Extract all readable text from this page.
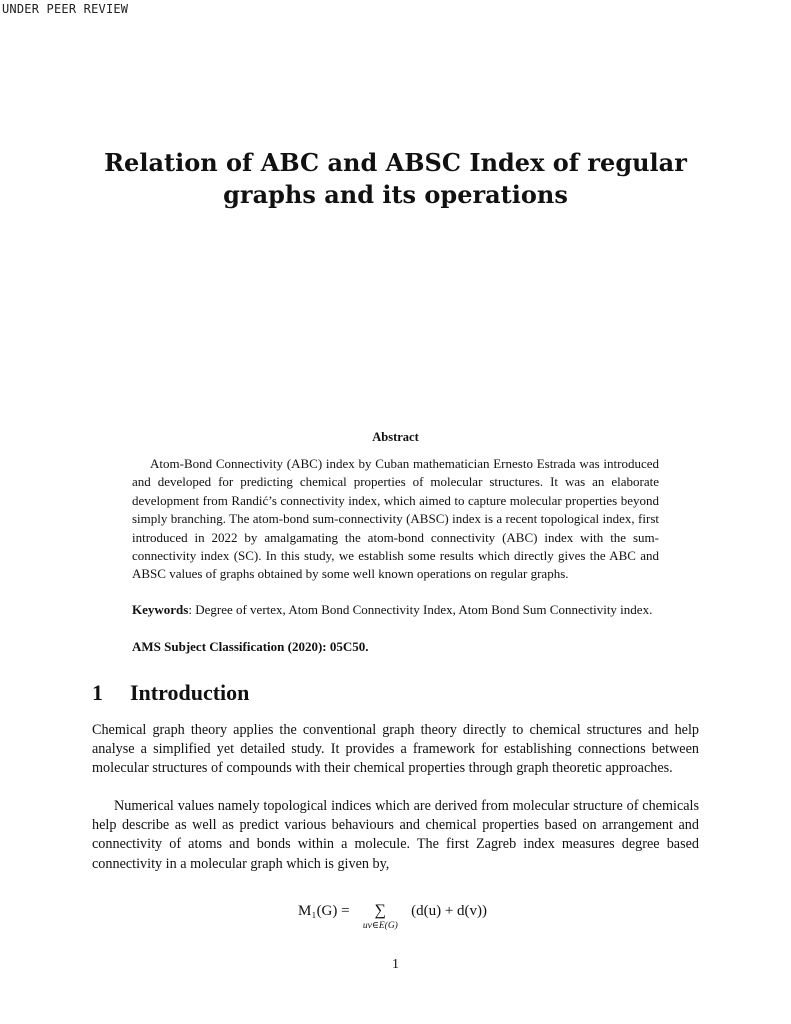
UNDER PEER REVIEW
Relation of ABC and ABSC Index of regular
graphs and its operations
Abstract

Atom-Bond Connectivity (ABC) index by Cuban mathematician Ernesto Estrada was introduced and developed for predicting chemical properties of molecular structures. It was an elaborate development from Randić’s connectivity index, which aimed to capture molecular properties beyond simply branching. The atom-bond sum-connectivity (ABSC) index is a recent topological index, first introduced in 2022 by amalgamating the atom-bond connectivity (ABC) index with the sum-connectivity index (SC). In this study, we establish some results which directly gives the ABC and ABSC values of graphs obtained by some well known operations on regular graphs.

Keywords: Degree of vertex, Atom Bond Connectivity Index, Atom Bond Sum Connectivity index.

AMS Subject Classification (2020): 05C50.

1 Introduction

Chemical graph theory applies the conventional graph theory directly to chemical structures and help analyse a simplified yet detailed study. It provides a framework for establishing connections between molecular structures of compounds with their chemical properties through graph theoretic approaches.

Numerical values namely topological indices which are derived from molecular structure of chemicals help describe as well as predict various behaviours and chemical properties based on arrangement and connectivity of atoms and bonds within a molecule. The first Zagreb index measures degree based connectivity in a molecular graph which is given by,

M₁(G) =	∑
uv∈E(G)
(d(u) + d(v))
1
